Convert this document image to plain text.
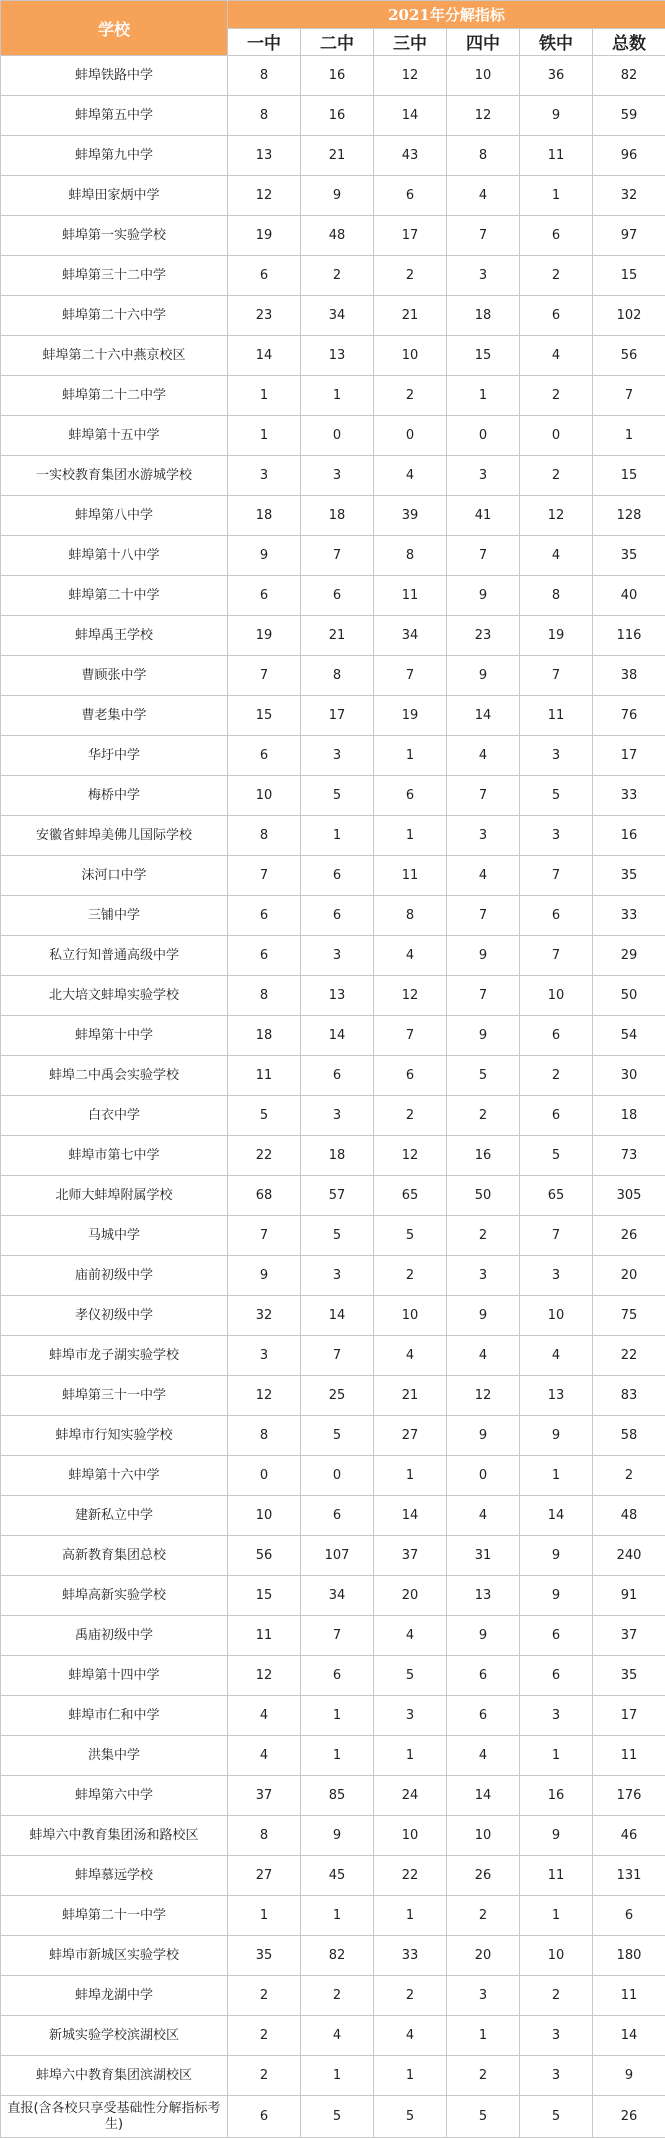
学校	2021年分解指标					
	一中	二中	三中	四中	铁中	总数
蚌埠铁路中学	8	16	12	10	36	82
蚌埠第五中学	8	16	14	12	9	59
蚌埠第九中学	13	21	43	8	11	96
蚌埠田家炳中学	12	9	6	4	1	32
蚌埠第一实验学校	19	48	17	7	6	97
蚌埠第三十二中学	6	2	2	3	2	15
蚌埠第二十六中学	23	34	21	18	6	102
蚌埠第二十六中燕京校区	14	13	10	15	4	56
蚌埠第二十二中学	1	1	2	1	2	7
蚌埠第十五中学	1	0	0	0	0	1
一实校教育集团水游城学校	3	3	4	3	2	15
蚌埠第八中学	18	18	39	41	12	128
蚌埠第十八中学	9	7	8	7	4	35
蚌埠第二十中学	6	6	11	9	8	40
蚌埠禹王学校	19	21	34	23	19	116
曹顾张中学	7	8	7	9	7	38
曹老集中学	15	17	19	14	11	76
华圩中学	6	3	1	4	3	17
梅桥中学	10	5	6	7	5	33
安徽省蚌埠美佛儿国际学校	8	1	1	3	3	16
沫河口中学	7	6	11	4	7	35
三铺中学	6	6	8	7	6	33
私立行知普通高级中学	6	3	4	9	7	29
北大培文蚌埠实验学校	8	13	12	7	10	50
蚌埠第十中学	18	14	7	9	6	54
蚌埠二中禹会实验学校	11	6	6	5	2	30
白衣中学	5	3	2	2	6	18
蚌埠市第七中学	22	18	12	16	5	73
北师大蚌埠附属学校	68	57	65	50	65	305
马城中学	7	5	5	2	7	26
庙前初级中学	9	3	2	3	3	20
孝仪初级中学	32	14	10	9	10	75
蚌埠市龙子湖实验学校	3	7	4	4	4	22
蚌埠第三十一中学	12	25	21	12	13	83
蚌埠市行知实验学校	8	5	27	9	9	58
蚌埠第十六中学	0	0	1	0	1	2
建新私立中学	10	6	14	4	14	48
高新教育集团总校	56	107	37	31	9	240
蚌埠高新实验学校	15	34	20	13	9	91
禹庙初级中学	11	7	4	9	6	37
蚌埠第十四中学	12	6	5	6	6	35
蚌埠市仁和中学	4	1	3	6	3	17
洪集中学	4	1	1	4	1	11
蚌埠第六中学	37	85	24	14	16	176
蚌埠六中教育集团汤和路校区	8	9	10	10	9	46
蚌埠慕远学校	27	45	22	26	11	131
蚌埠第二十一中学	1	1	1	2	1	6
蚌埠市新城区实验学校	35	82	33	20	10	180
蚌埠龙湖中学	2	2	2	3	2	11
新城实验学校滨湖校区	2	4	4	1	3	14
蚌埠六中教育集团滨湖校区	2	1	1	2	3	9
直报(含各校只享受基础性分解指标考生)	6	5	5	5	5	26
